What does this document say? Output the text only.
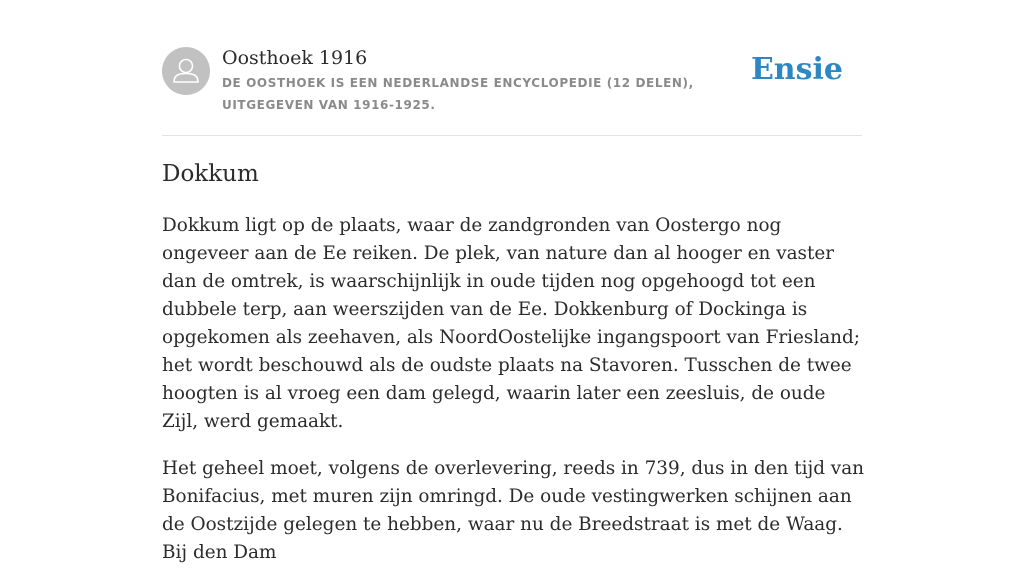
Oosthoek 1916
DE OOSTHOEK IS EEN NEDERLANDSE ENCYCLOPEDIE (12 DELEN), UITGEGEVEN VAN 1916-1925.
Ensie
Dokkum

Dokkum ligt op de plaats, waar de zandgronden van Oostergo nog ongeveer aan de Ee reiken. De plek, van nature dan al hooger en vaster dan de omtrek, is waarschijnlijk in oude tijden nog opgehoogd tot een dubbele terp, aan weerszijden van de Ee. Dokkenburg of Dockinga is opgekomen als zeehaven, als NoordOostelijke ingangspoort van Friesland; het wordt beschouwd als de oudste plaats na Stavoren. Tusschen de twee hoogten is al vroeg een dam gelegd, waarin later een zeesluis, de oude Zijl, werd gemaakt.

Het geheel moet, volgens de overlevering, reeds in 739, dus in den tijd van Bonifacius, met muren zijn omringd. De oude vestingwerken schijnen aan de Oostzijde gelegen te hebben, waar nu de Breedstraat is met de Waag. Bij den Dam
